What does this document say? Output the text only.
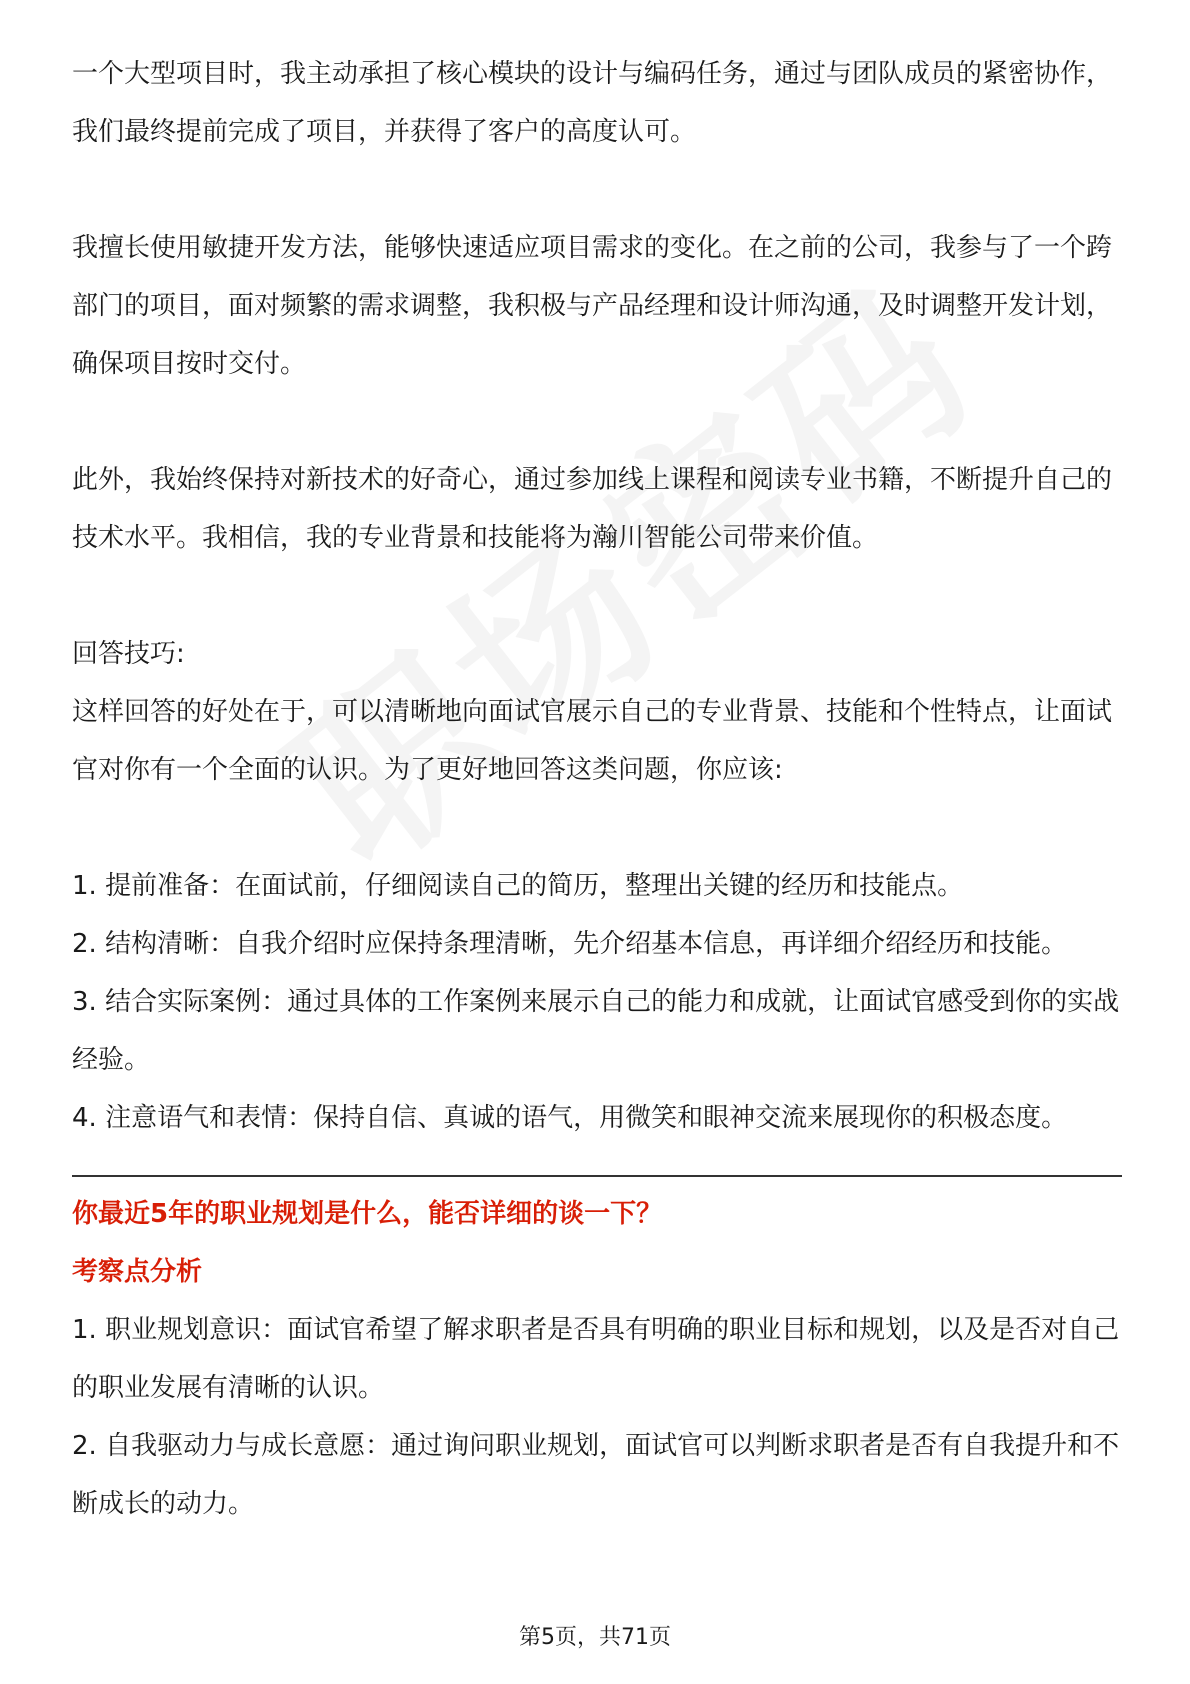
一个大型项目时，我主动承担了核心模块的设计与编码任务，通过与团队成员的紧密协作，我们最终提前完成了项目，并获得了客户的高度认可。

我擅长使用敏捷开发方法，能够快速适应项目需求的变化。在之前的公司，我参与了一个跨部门的项目，面对频繁的需求调整，我积极与产品经理和设计师沟通，及时调整开发计划，确保项目按时交付。

此外，我始终保持对新技术的好奇心，通过参加线上课程和阅读专业书籍，不断提升自己的技术水平。我相信，我的专业背景和技能将为瀚川智能公司带来价值。

回答技巧:

这样回答的好处在于，可以清晰地向面试官展示自己的专业背景、技能和个性特点，让面试官对你有一个全面的认识。为了更好地回答这类问题，你应该:

1. 提前准备：在面试前，仔细阅读自己的简历，整理出关键的经历和技能点。

2. 结构清晰：自我介绍时应保持条理清晰，先介绍基本信息，再详细介绍经历和技能。

3. 结合实际案例：通过具体的工作案例来展示自己的能力和成就，让面试官感受到你的实战经验。

4. 注意语气和表情：保持自信、真诚的语气，用微笑和眼神交流来展现你的积极态度。

你最近5年的职业规划是什么，能否详细的谈一下？

考察点分析

1. 职业规划意识：面试官希望了解求职者是否具有明确的职业目标和规划，以及是否对自己的职业发展有清晰的认识。

2. 自我驱动力与成长意愿：通过询问职业规划，面试官可以判断求职者是否有自我提升和不断成长的动力。

第5页，共71页
